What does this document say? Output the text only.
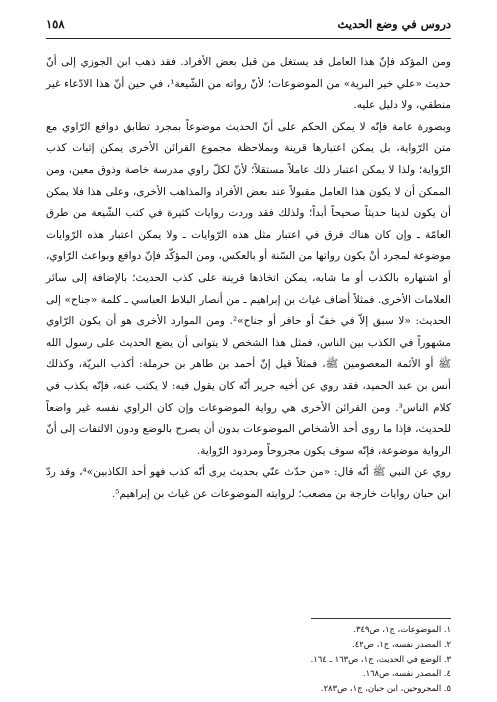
دروس في وضع الحديث
١٥٨

ومن المؤكد فإنّ هذا العامل قد يستغل من قبل بعض الأفراد. فقد ذهب ابن الجوزي إلى أنّ حديث «علي خير البرية» من الموضوعات؛ لأنّ رواته من الشّيعة¹، في حين أنّ هذا الادّعاء غير منطقي، ولا دليل عليه.

وبصورة عامة فإنّه لا يمكن الحكم على أنّ الحديث موضوعاً بمجرد تطابق دوافع الرّاوي مع متن الرّواية، بل يمكن اعتبارها قرينة وبملاحظة مجموع القرائن الأخرى يمكن إثبات كذب الرّواية؛ ولذا لا يمكن اعتبار ذلك عاملاً مستقلاً؛ لأنّ لكلّ راوي مدرسة خاصة وذوق معين، ومن الممكن أن لا يكون هذا العامل مقبولاً عند بعض الأفراد والمذاهب الأخرى، وعلى هذا فلا يمكن أن يكون لدينا حديثاً صحيحاً أبداً؛ ولذلك فقد وردت روايات كثيرة في كتب الشّيعة من طرق العامّة ـ وإن كان هناك فرق في اعتبار مثل هذه الرّوايات ـ ولا يمكن اعتبار هذه الرّوايات موضوعة لمجرد أنْ يكون رواتها من السّنة أو بالعكس، ومن المؤكّد فإنّ دوافع وبواعث الرّاوي، أو اشتهاره بالكذب أو ما شابه، يمكن اتخاذها قرينة على كذب الحديث؛ بالإضافة إلى سائر العلامات الأخرى. فمثلاً أضاف غياث بن إبراهيم ـ من أنصار البلاط العباسي ـ كلمة «جناح» إلى الحديث: «لا سبق إلاّ في خفّ أو حافر أو جناح»². ومن الموارد الأخرى هو أن يكون الرّاوي مشهوراً في الكذب بين الناس، فمثل هذا الشخص لا يتوانى أن يضع الحديث على رسول الله ﷺ أو الأئمة المعصومين ﷺ، فمثلاً قيل إنّ أحمد بن طاهر بن حرملة: أكذب البريّة، وكذلك أنس بن عبد الحميد، فقد روي عن أخيه جرير أنّه كان يقول فيه: لا يكتب عنه، فإنّه يكذب في كلام الناس³. ومن القرائن الأخرى هي رواية الموضوعات وإن كان الراوي نفسه غير واضعاً للحديث، فإذا ما روى أحد الأشخاص الموضوعات بدون أن يصرح بالوضع ودون الالتفات إلى أنّ الرواية موضوعة، فإنّه سوف يكون مجروحاً ومردود الرّواية.

روي عن النبي ﷺ أنّه قال: «من حدّث عنّي بحديث يرى أنّه كذب فهو أحد الكاذبين»⁴، وقد ردّ ابن حبان روايات خارجة بن مصعب؛ لروايته الموضوعات عن غياث بن إبراهيم⁵.

١. الموضوعات، ج١، ص٣٤٩.
٢. المصدر نفسه، ج١، ص٤٢.
٣. الوضع في الحديث، ج١، ص١٦٣ ـ ١٦٤.
٤. المصدر نفسه، ص١٦٨.
٥. المجروحين، ابن حبان، ج١، ص٢٨٣.
